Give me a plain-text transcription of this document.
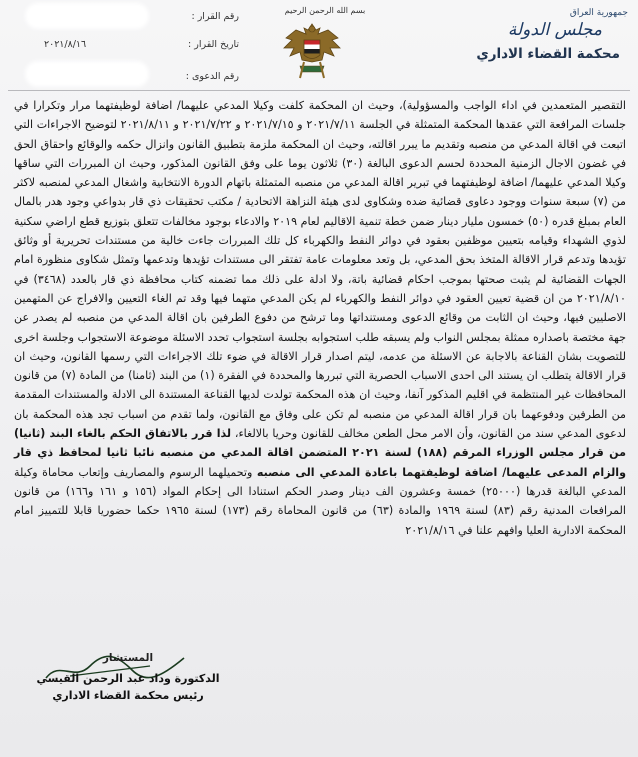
رقم القرار :
٢٠٢١/٨/١٦	تاريخ القرار :
رقم الدعوى :
بسم الله الرحمن الرحيم	جمهورية العراق
مجلس الدولة
محكمة القضاء الاداري
التقصير المتعمدين في اداء الواجب والمسؤولية)، وحيث ان المحكمة كلفت وكيلا المدعي عليهما/ اضافة لوظيفتهما مرار وتكرارا في جلسات المرافعة التي عقدها المحكمة المتمثلة في الجلسة ٢٠٢١/٧/١١ و ٢٠٢١/٧/١٥ و ٢٠٢١/٧/٢٢ و ٢٠٢١/٨/١١ لتوضيح الاجراءات التي اتبعت في اقالة المدعي من منصبه وتقديم ما يبرر اقالته، وحيث ان المحكمة ملزمة بتطبيق القانون وانزال حكمه والوقائع واحقاق الحق في غضون الاجال الزمنية المحددة لحسم الدعوى البالغة (٣٠) ثلاثون يوما على وفق القانون المذكور، وحيث ان المبررات التي ساقها وكيلا المدعي عليهما/ اضافة لوظيفتهما في تبرير اقالة المدعي من منصبه المتمثلة باتهام الدورة الانتخابية واشغال المدعي لمنصبه لاكثر من (٧) سبعة سنوات ووجود دعاوى قضائية ضده وشكاوى لدى هيئة النزاهة الاتحادية / مكتب تحقيقات ذي قار بدواعي وجود هدر بالمال العام بمبلغ قدره (٥٠) خمسون مليار دينار ضمن خطة تنمية الاقاليم لعام ٢٠١٩ والادعاء بوجود مخالفات تتعلق بتوزيع قطع اراضي سكنية لذوي الشهداء وقيامه بتعيين موظفين بعقود في دوائر النفط والكهرباء كل تلك المبررات جاءت خالية من مستندات تحريرية أو وثائق تؤيدها وتدعم قرار الاقالة المتخذ بحق المدعي، بل وتعد معلومات عامة تفتقر الى مستندات تؤيدها وتدعمها وتمثل شكاوى منظورة امام الجهات القضائية لم يثبت صحتها بموجب احكام قضائية باتة، ولا ادلة على ذلك مما تضمنه كتاب محافظة ذي قار بالعدد (٣٤٦٨) في ٢٠٢١/٨/١٠ من ان قضية تعيين العقود في دوائر النفط والكهرباء لم يكن المدعي متهما فيها وقد تم الغاء التعيين والافراج عن المتهمين الاصليين فيها، وحيث ان الثابت من وقائع الدعوى ومستنداتها وما ترشح من دفوع الطرفين بان اقالة المدعي من منصبه لم يصدر عن جهة مختصة باصداره ممثلة بمجلس النواب ولم يسبقه طلب استجوابه بجلسة استجواب تحدد الاسئلة موضوعة الاستجواب وجلسة اخرى للتصويت بشان القناعة بالاجابة عن الاسئلة من عدمه، ليتم اصدار قرار الاقالة في ضوء تلك الاجراءات التي رسمها القانون، وحيث ان قرار الاقالة يتطلب ان يستند الى احدى الاسباب الحصرية التي تبررها والمحددة في الفقرة (١) من البند (ثامنا) من المادة (٧) من قانون المحافظات غير المنتظمة في اقليم المذكور آنفا، وحيث ان هذه المحكمة تولدت لديها القناعة المستندة الى الادلة والمستندات المقدمة من الطرفين ودفوعهما بان قرار اقالة المدعي من منصبه لم تكن على وفاق مع القانون، ولما تقدم من اسباب تجد هذه المحكمة بان لدعوى المدعي سند من القانون، وأن الامر محل الطعن مخالف للقانون وحريا بالالغاء، لذا قرر بالاتفاق الحكم بالغاء البند (ثانيا) من قرار مجلس الوزراء المرقم (١٨٨) لسنة ٢٠٢١ المتضمن اقالة المدعي من منصبه نائبا ثانيا لمحافظ ذي قار والزام المدعى عليهما/ اضافة لوظيفتهما باعادة المدعي الى منصبه وتحميلهما الرسوم والمصاريف وإتعاب محاماة وكيلة المدعي البالغة قدرها (٢٥٠٠٠) خمسة وعشرون الف دينار وصدر الحكم استنادا الى إحكام المواد (١٥٦ و ١٦١ و١٦٦) من قانون المرافعات المدنية رقم (٨٣) لسنة ١٩٦٩ والمادة (٦٣) من قانون المحاماة رقم (١٧٣) لسنة ١٩٦٥ حكما حضوريا قابلا للتمييز امام المحكمة الادارية العليا وافهم علنا في ٢٠٢١/٨/١٦
المستشار
الدكتورة وداد عبد الرحمن القيسي
رئيس محكمة القضاء الاداري
